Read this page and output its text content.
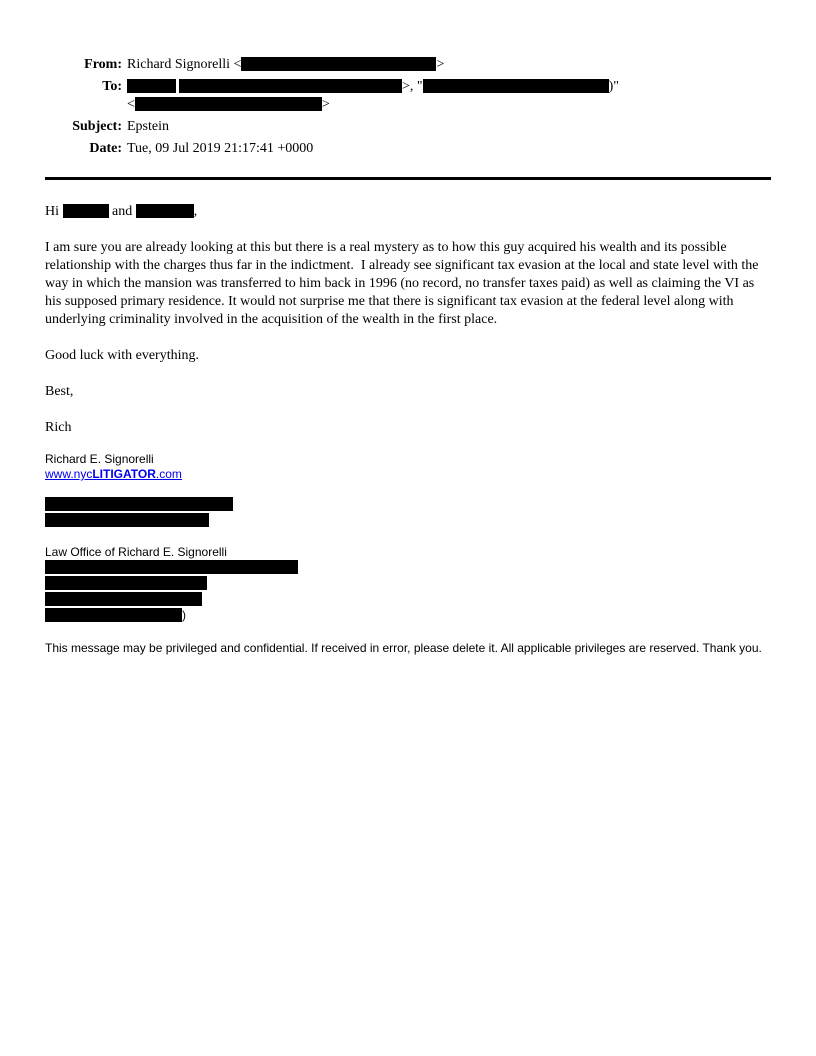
From: Richard Signorelli <	>
To:	>, "	)"
<	>
Subject: Epstein
Date: Tue, 09 Jul 2019 21:17:41 +0000

Hi	and	,

I am sure you are already looking at this but there is a real mystery as to how this guy acquired his wealth and its possible relationship with the charges thus far in the indictment.  I already see significant tax evasion at the local and state level with the way in which the mansion was transferred to him back in 1996 (no record, no transfer taxes paid) as well as claiming the VI as his supposed primary residence. It would not surprise me that there is significant tax evasion at the federal level along with underlying criminality involved in the acquisition of the wealth in the first place.

Good luck with everything.

Best,

Rich

Richard E. Signorelli
www.nycLITIGATOR.com
Law Office of Richard E. Signorelli
)

This message may be privileged and confidential. If received in error, please delete it. All applicable privileges are reserved. Thank you.
